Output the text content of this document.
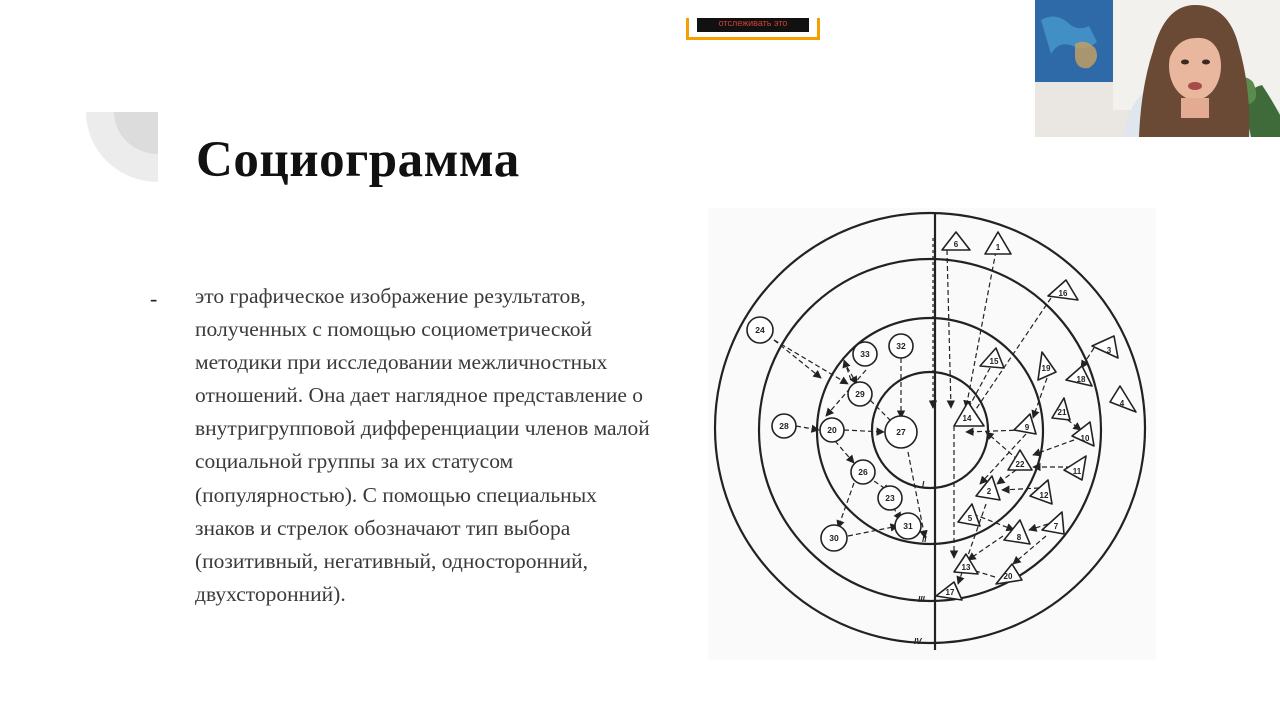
Социограмма
- это графическое изображение результатов, полученных с помощью социометрической методики при исследовании межличностных отношений. Она дает наглядное представление о внутригрупповой дифференциации членов малой социальной группы за их статусом (популярностью). С помощью специальных знаков и стрелок обозначают тип выбора (позитивный, негативный, односторонний, двухсторонний).

отслеживать это
I
II
III
IV
33
32
24
29
28	20	27
26
23
31
30
6	1
16
3
15
19
18
4
14
21
9
10
22
11
2	12
5
8
7
13
20
17
